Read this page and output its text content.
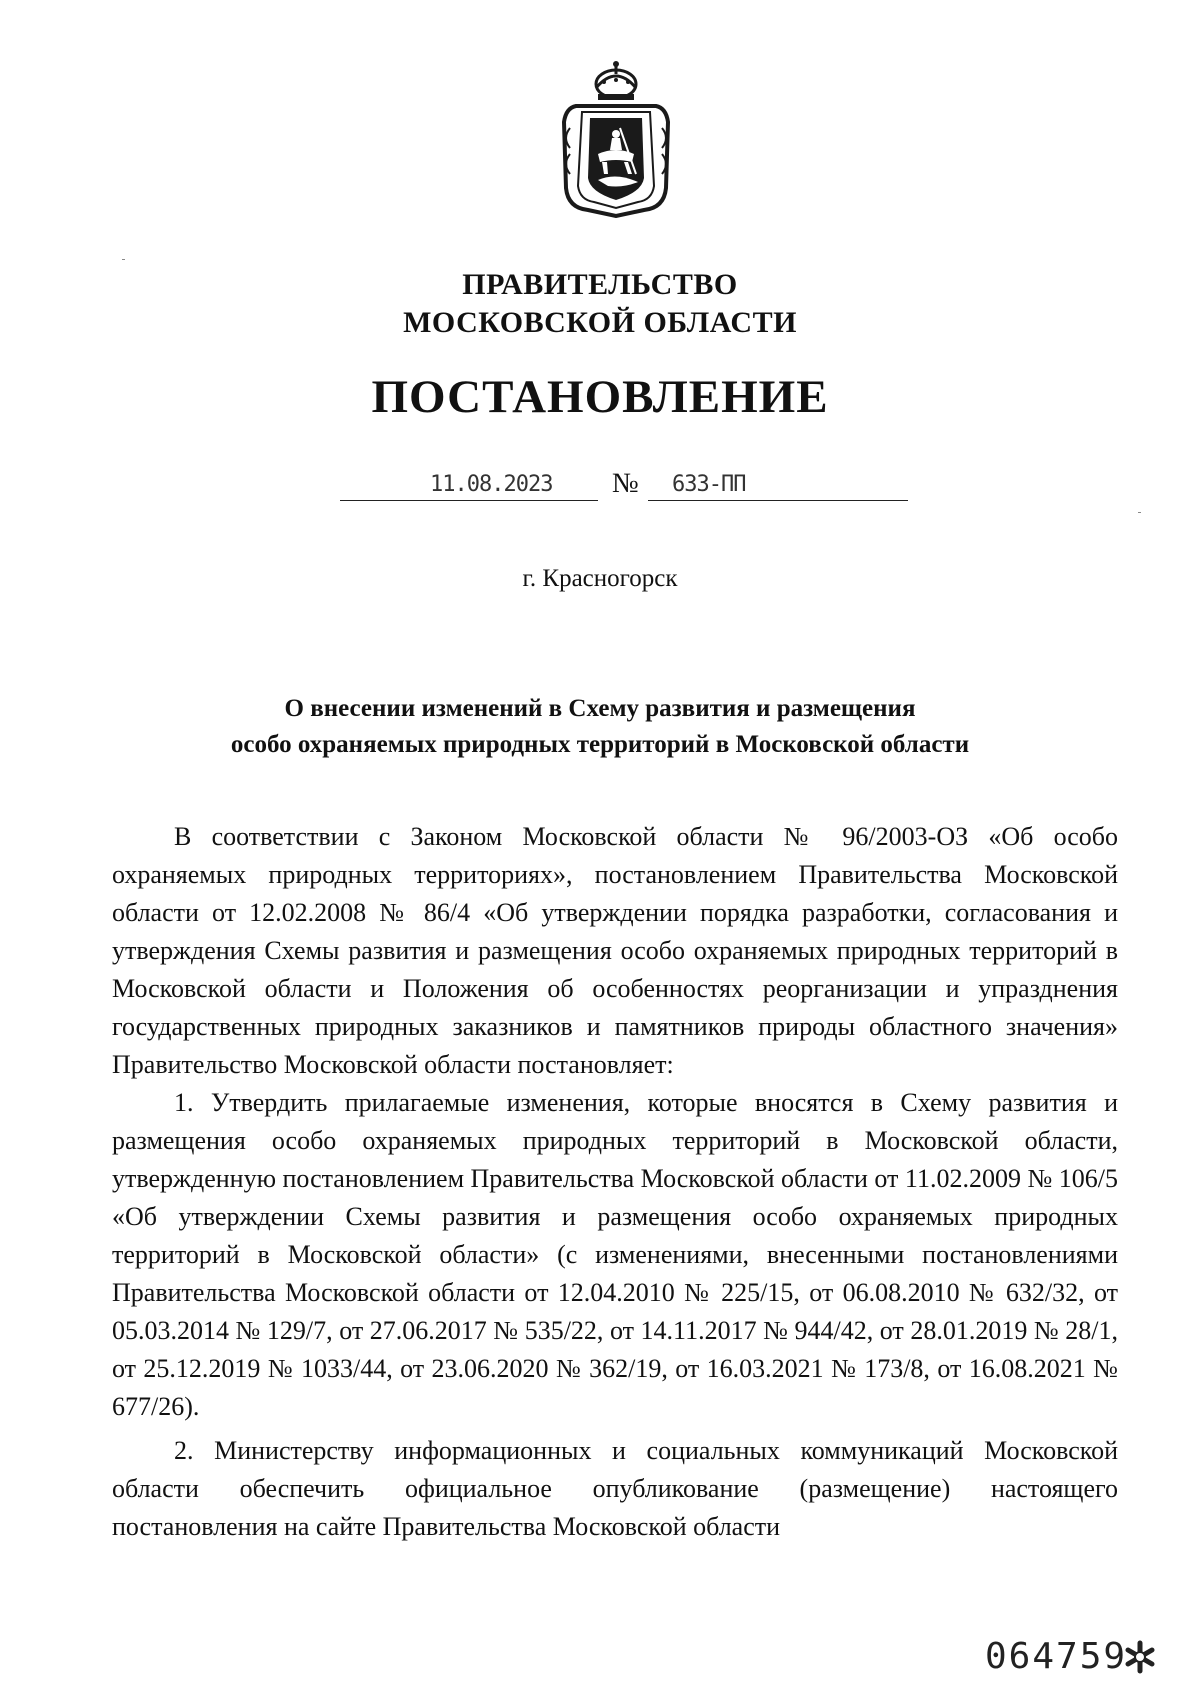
ПРАВИТЕЛЬСТВО
МОСКОВСКОЙ ОБЛАСТИ
ПОСТАНОВЛЕНИЕ
11.08.2023 № 633-ПП
г. Красногорск
О внесении изменений в Схему развития и размещения
особо охраняемых природных территорий в Московской области

В соответствии с Законом Московской области № 96/2003-ОЗ «Об особо охраняемых природных территориях», постановлением Правительства Московской области от 12.02.2008 № 86/4 «Об утверждении порядка разработки, согласования и утверждения Схемы развития и размещения особо охраняемых природных территорий в Московской области и Положения об особенностях реорганизации и упразднения государственных природных заказников и памятников природы областного значения» Правительство Московской области постановляет:

1. Утвердить прилагаемые изменения, которые вносятся в Схему развития и размещения особо охраняемых природных территорий в Московской области, утвержденную постановлением Правительства Московской области от 11.02.2009 № 106/5 «Об утверждении Схемы развития и размещения особо охраняемых природных территорий в Московской области» (с изменениями, внесенными постановлениями Правительства Московской области от 12.04.2010 № 225/15, от 06.08.2010 № 632/32, от 05.03.2014 № 129/7, от 27.06.2017 № 535/22, от 14.11.2017 № 944/42, от 28.01.2019 № 28/1, от 25.12.2019 № 1033/44, от 23.06.2020 № 362/19, от 16.03.2021 № 173/8, от 16.08.2021 № 677/26).

2. Министерству информационных и социальных коммуникаций Московской области обеспечить официальное опубликование (размещение) настоящего постановления на сайте Правительства Московской области

064759
